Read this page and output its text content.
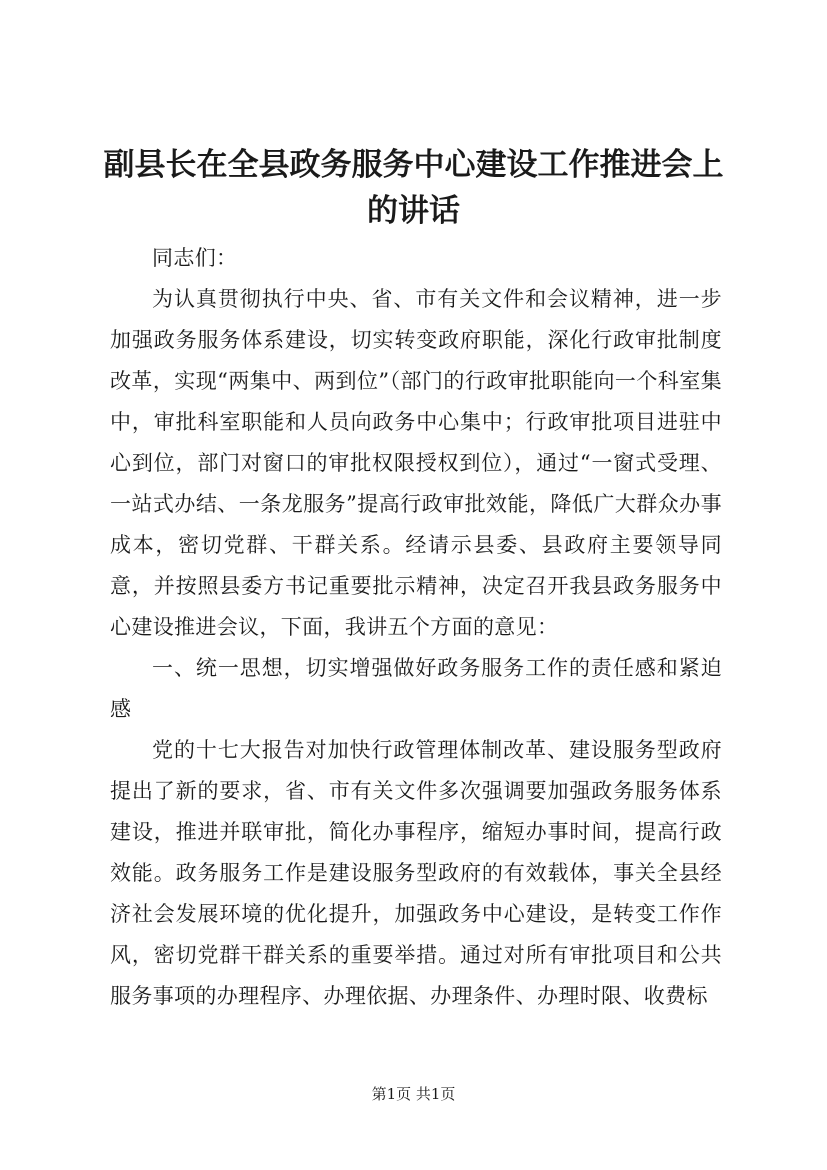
副县长在全县政务服务中心建设工作推进会上的讲话

同志们：

为认真贯彻执行中央、省、市有关文件和会议精神，进一步加强政务服务体系建设，切实转变政府职能，深化行政审批制度改革，实现“两集中、两到位”（部门的行政审批职能向一个科室集中，审批科室职能和人员向政务中心集中；行政审批项目进驻中心到位，部门对窗口的审批权限授权到位），通过“一窗式受理、一站式办结、一条龙服务”提高行政审批效能，降低广大群众办事成本，密切党群、干群关系。经请示县委、县政府主要领导同意，并按照县委方书记重要批示精神，决定召开我县政务服务中心建设推进会议，下面，我讲五个方面的意见：

一、统一思想，切实增强做好政务服务工作的责任感和紧迫感

党的十七大报告对加快行政管理体制改革、建设服务型政府提出了新的要求，省、市有关文件多次强调要加强政务服务体系建设，推进并联审批，简化办事程序，缩短办事时间，提高行政效能。政务服务工作是建设服务型政府的有效载体，事关全县经济社会发展环境的优化提升，加强政务中心建设，是转变工作作风，密切党群干群关系的重要举措。通过对所有审批项目和公共服务事项的办理程序、办理依据、办理条件、办理时限、收费标

第1页 共1页
